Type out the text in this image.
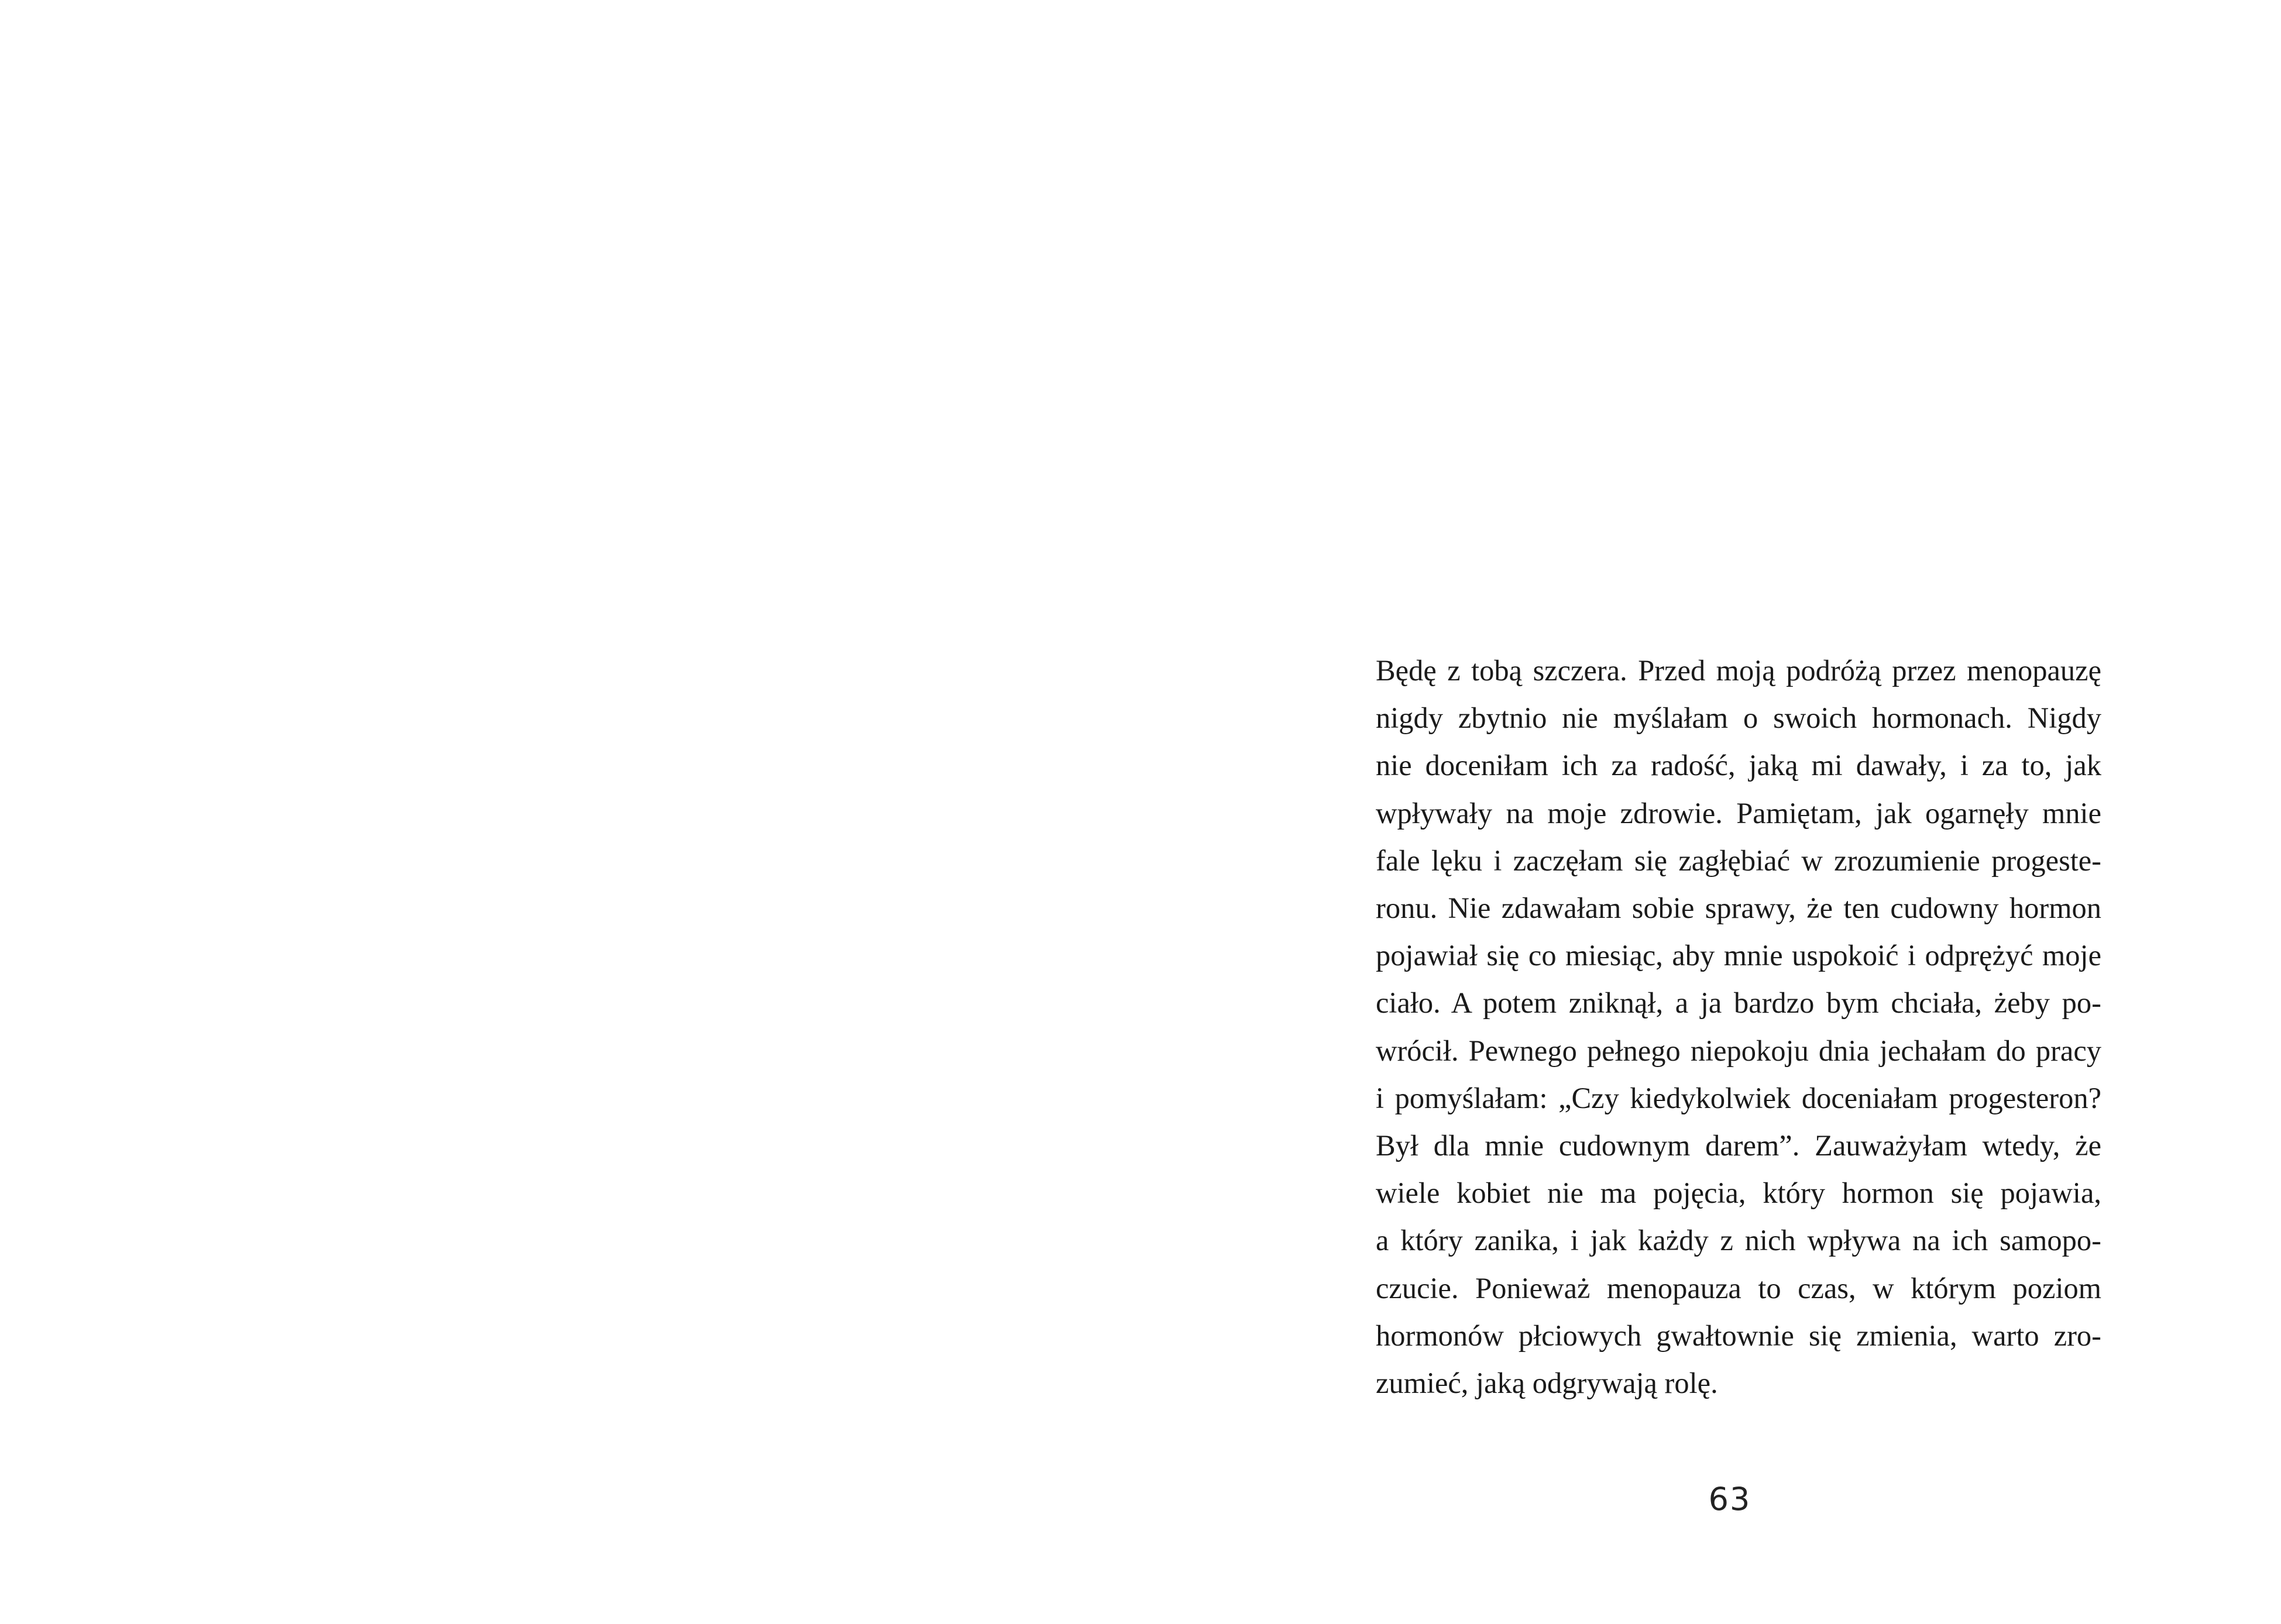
Będę z tobą szczera. Przed moją podróżą przez menopauzę
nigdy zbytnio nie myślałam o swoich hormonach. Nigdy
nie doceniłam ich za radość, jaką mi dawały, i za to, jak
wpływały na moje zdrowie. Pamiętam, jak ogarnęły mnie
fale lęku i zaczęłam się zagłębiać w zrozumienie progeste-
ronu. Nie zdawałam sobie sprawy, że ten cudowny hormon
pojawiał się co miesiąc, aby mnie uspokoić i odprężyć moje
ciało. A potem zniknął, a ja bardzo bym chciała, żeby po-
wrócił. Pewnego pełnego niepokoju dnia jechałam do pracy
i pomyślałam: „Czy kiedykolwiek doceniałam progesteron?
Był dla mnie cudownym darem”. Zauważyłam wtedy, że
wiele kobiet nie ma pojęcia, który hormon się pojawia,
a który zanika, i jak każdy z nich wpływa na ich samopo-
czucie. Ponieważ menopauza to czas, w którym poziom
hormonów płciowych gwałtownie się zmienia, warto zro-
zumieć, jaką odgrywają rolę.

63
